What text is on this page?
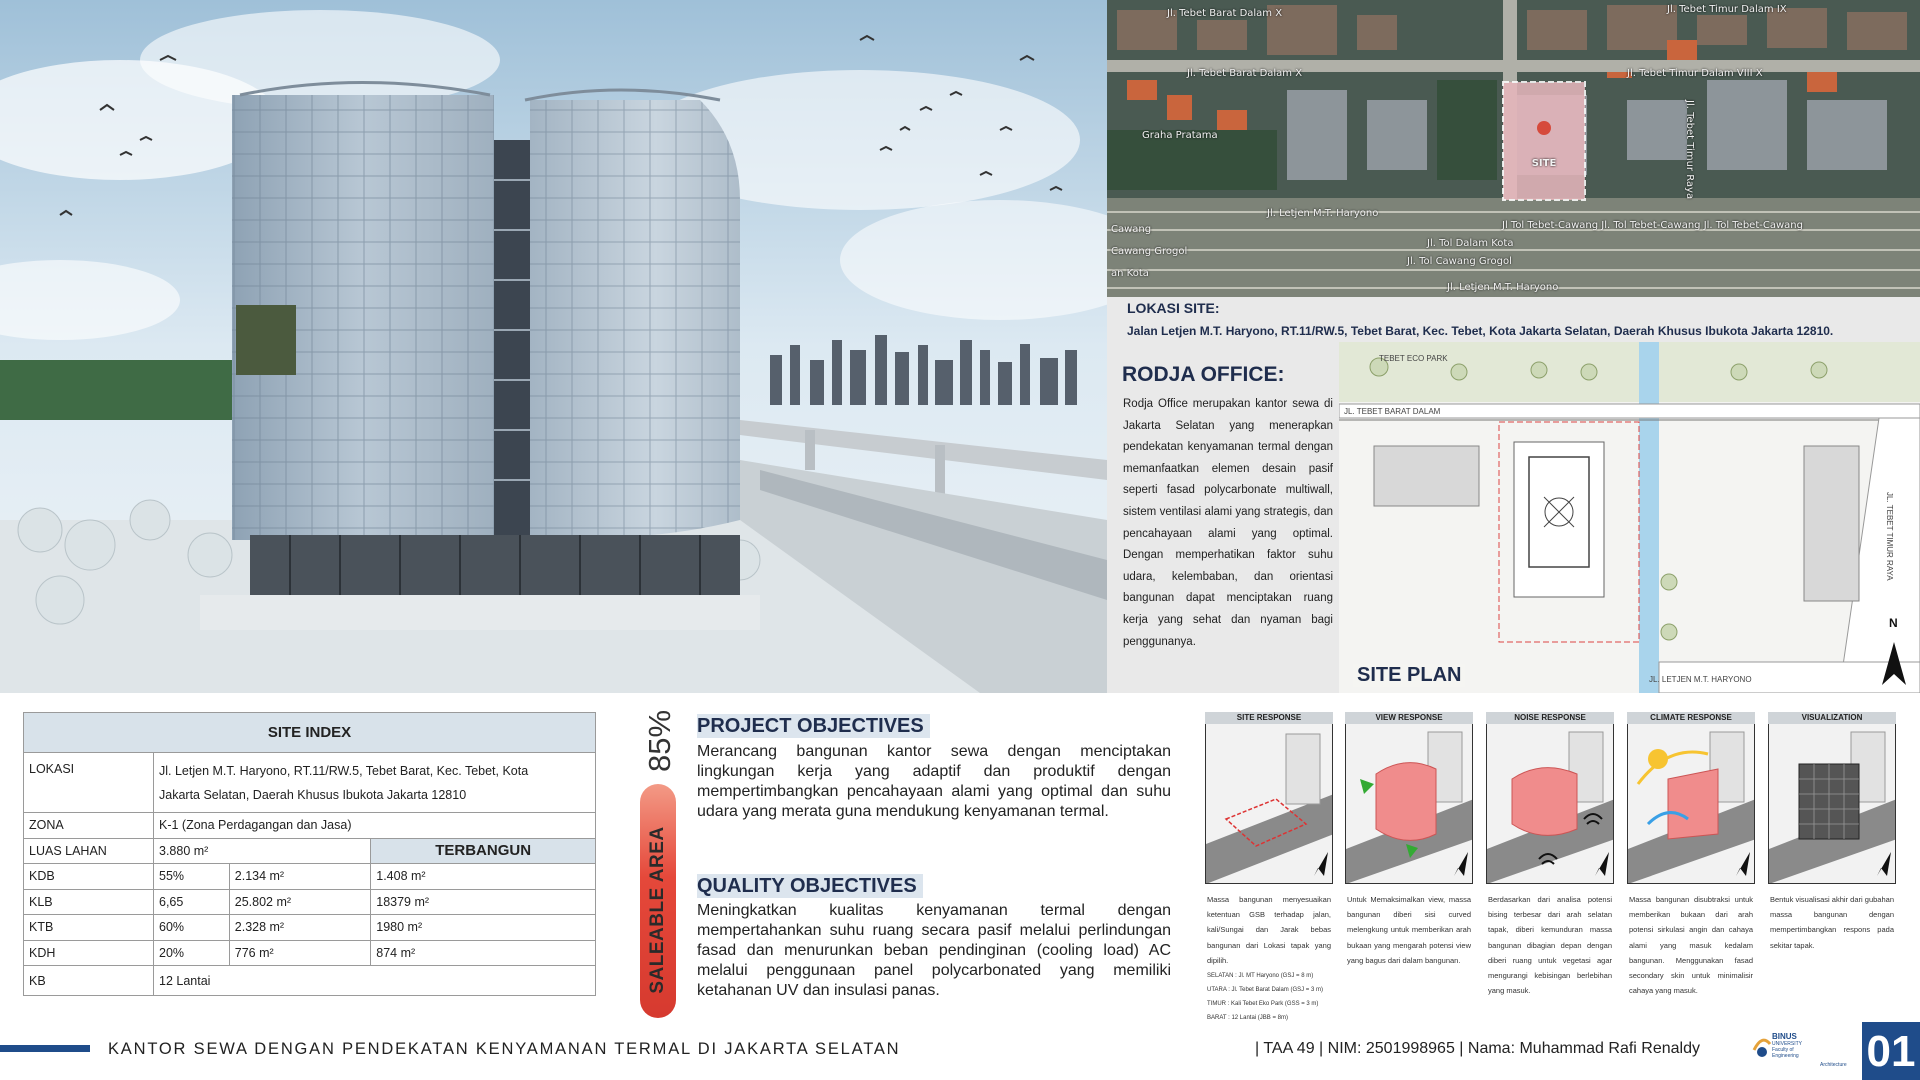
SITE
Jl. Tebet Barat Dalam X	Jl. Tebet Timur Dalam IX
Jl. Tebet Timur Dalam VIII X
Graha Pratama
Jl. Tebet Barat Dalam X
Jl. Letjen M.T. Haryono
Jl Tol Tebet-Cawang Jl. Tol Tebet-Cawang Jl. Tol Tebet-Cawang
Jl. Tol Dalam Kota
Jl. Tol Cawang Grogol
Jl. Letjen M.T. Haryono
Cawang
Cawang Grogol
an Kota
Jl. Tebet Timur Raya
LOKASI SITE:
Jalan Letjen M.T. Haryono, RT.11/RW.5, Tebet Barat, Kec. Tebet, Kota Jakarta Selatan, Daerah Khusus Ibukota Jakarta 12810.
RODJA OFFICE:
Rodja Office merupakan kantor sewa di Jakarta Selatan yang menerapkan pendekatan kenyamanan termal dengan memanfaatkan elemen desain pasif seperti fasad polycarbonate multiwall, sistem ventilasi alami yang strategis, dan pencahayaan alami yang optimal. Dengan memperhatikan faktor suhu udara, kelembaban, dan orientasi bangunan dapat menciptakan ruang kerja yang sehat dan nyaman bagi penggunanya.
TEBET ECO PARK
JL. TEBET BARAT DALAM
JL. TEBET TIMUR RAYA
JL. LETJEN M.T. HARYONO
N
SITE PLAN
SITE INDEX			
LOKASI	Jl. Letjen M.T. Haryono, RT.11/RW.5, Tebet Barat, Kec. Tebet, Kota
Jakarta Selatan, Daerah Khusus Ibukota Jakarta 12810		

ZONA	K-1 (Zona Perdagangan dan Jasa)		
LUAS LAHAN	3.880 m²		TERBANGUN
KDB	55%	2.134 m²	1.408 m²
KLB	6,65	25.802 m²	18379 m²
KTB	60%	2.328 m²	1980 m²
KDH	20%	776 m²	874 m²
KB	12 Lantai		
85%
SALEABLE AREA
PROJECT OBJECTIVES
Merancang bangunan kantor sewa dengan menciptakan lingkungan kerja yang adaptif dan produktif dengan mempertimbangkan pencahayaan alami yang optimal dan suhu udara yang merata guna mendukung kenyamanan termal.
QUALITY OBJECTIVES
Meningkatkan kualitas kenyamanan termal dengan mempertahankan suhu ruang secara pasif melalui perlindungan fasad dan menurunkan beban pendinginan (cooling load) AC melalui penggunaan panel polycarbonated yang memiliki ketahanan UV dan insulasi panas.
SITE RESPONSE
Massa bangunan menyesuaikan ketentuan GSB terhadap jalan, kali/Sungai dan Jarak bebas bangunan dari Lokasi tapak yang dipilih.
SELATAN : Jl. MT Haryono (GSJ = 8 m)
UTARA : Jl. Tebet Barat Dalam (GSJ = 3 m)
TIMUR : Kali Tebet Eko Park (GSS = 3 m)
BARAT : 12 Lantai (JBB = 8m)
VIEW RESPONSE
Untuk Memaksimalkan view, massa bangunan diberi sisi curved melengkung untuk memberikan arah bukaan yang mengarah potensi view yang bagus dari dalam bangunan.
NOISE RESPONSE
Berdasarkan dari analisa potensi bising terbesar dari arah selatan tapak, diberi kemunduran massa bangunan dibagian depan dengan diberi ruang untuk vegetasi agar mengurangi kebisingan berlebihan yang masuk.
CLIMATE RESPONSE
Massa bangunan disubtraksi untuk memberikan bukaan dari arah potensi sirkulasi angin dan cahaya alami yang masuk kedalam bangunan. Menggunakan fasad secondary skin untuk minimalisir cahaya yang masuk.
VISUALIZATION
Bentuk visualisasi akhir dari gubahan massa bangunan dengan mempertimbangkan respons pada sekitar tapak.
KANTOR SEWA DENGAN PENDEKATAN KENYAMANAN TERMAL DI JAKARTA SELATAN	| TAA 49 | NIM: 2501998965 | Nama: Muhammad Rafi Renaldy
BINUS
UNIVERSITY
Faculty of
Engineering
Architecture 01
